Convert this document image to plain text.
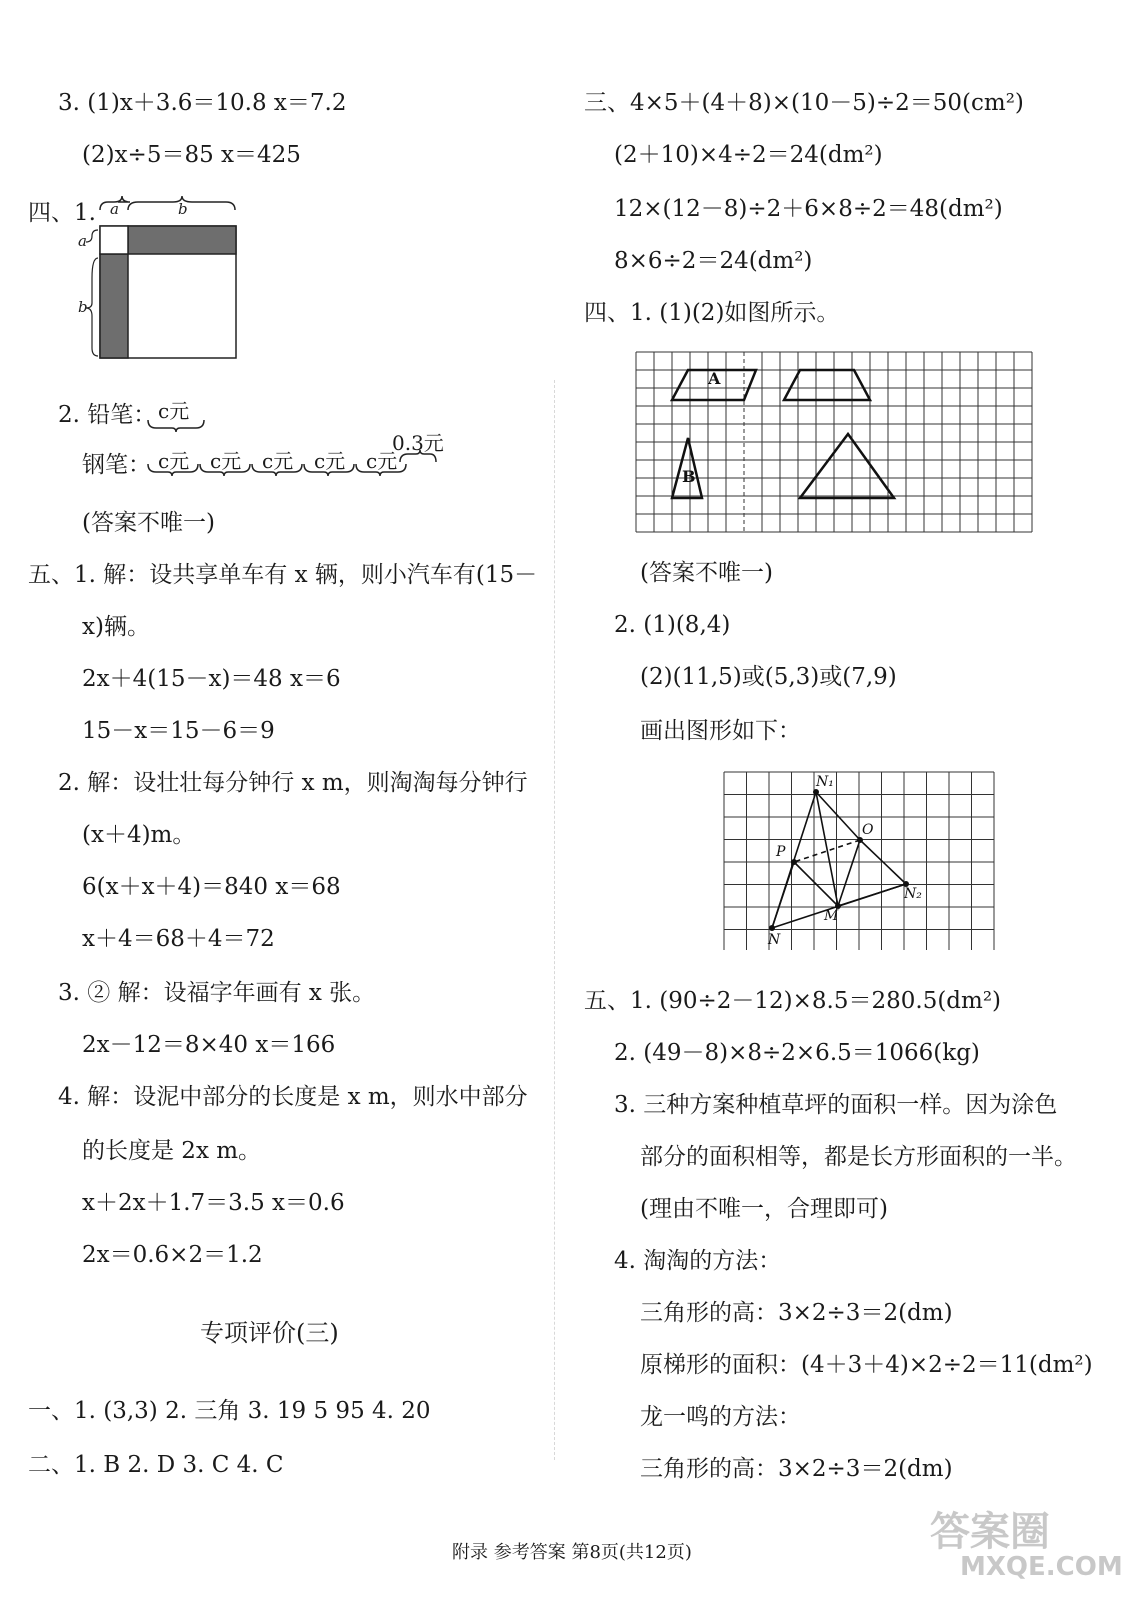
3. (1)x＋3.6＝10.8 x＝7.2
(2)x÷5＝85 x＝425
四、1. a	b
a
b
2. 铅笔： c元
0.3元
钢笔： c元 c元 c元 c元 c元
(答案不唯一)
五、1. 解：设共享单车有 x 辆，则小汽车有(15－
x)辆。
2x＋4(15－x)＝48 x＝6
15－x＝15－6＝9
2. 解：设壮壮每分钟行 x m，则淘淘每分钟行
(x＋4)m。
6(x＋x＋4)＝840 x＝68
x＋4＝68＋4＝72
3. ② 解：设福字年画有 x 张。
2x－12＝8×40 x＝166
4. 解：设泥中部分的长度是 x m，则水中部分
的长度是 2x m。
x＋2x＋1.7＝3.5 x＝0.6
2x＝0.6×2＝1.2
专项评价(三)
一、1. (3,3) 2. 三角 3. 19 5 95 4. 20
二、1. B 2. D 3. C 4. C
三、4×5＋(4＋8)×(10－5)÷2＝50(cm²)
(2＋10)×4÷2＝24(dm²)
12×(12－8)÷2＋6×8÷2＝48(dm²)
8×6÷2＝24(dm²)
四、1. (1)(2)如图所示。
A
B
(答案不唯一)
2. (1)(8,4)
(2)(11,5)或(5,3)或(7,9)
画出图形如下：
N₁
O
P
N₂
M
N
五、1. (90÷2－12)×8.5＝280.5(dm²)
2. (49－8)×8÷2×6.5＝1066(kg)
3. 三种方案种植草坪的面积一样。因为涂色
部分的面积相等，都是长方形面积的一半。
(理由不唯一，合理即可)
4. 淘淘的方法：
三角形的高：3×2÷3＝2(dm)
原梯形的面积：(4＋3＋4)×2÷2＝11(dm²)
龙一鸣的方法：
三角形的高：3×2÷3＝2(dm)
附录 参考答案 第8页(共12页)	答案圈
MXQE.COM
